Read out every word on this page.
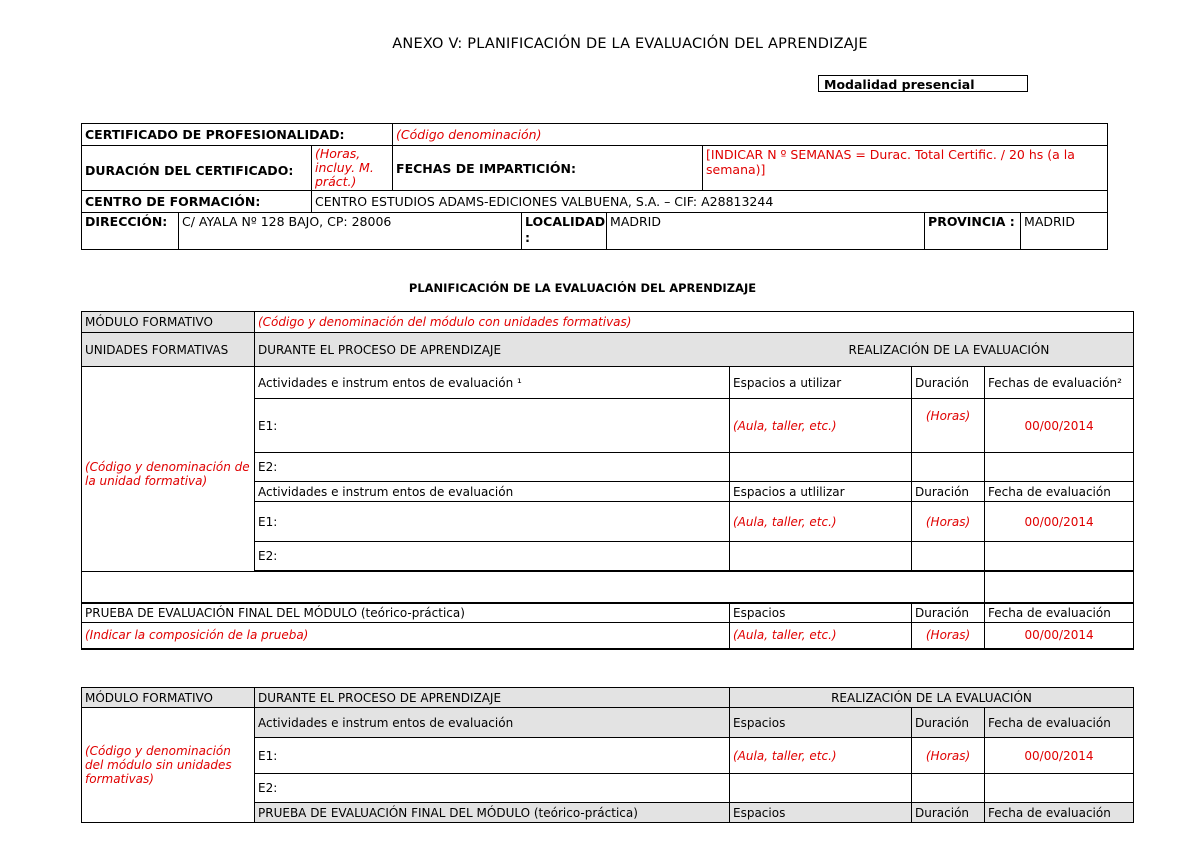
ANEXO V: PLANIFICACIÓN DE LA EVALUACIÓN DEL APRENDIZAJE
Modalidad presencial
CERTIFICADO DE PROFESIONALIDAD:			(Código denominación)					
DURACIÓN DEL CERTIFICADO:		(Horas, incluy. M. práct.)	FECHAS DE IMPARTICIÓN:			[INDICAR N º SEMANAS = Durac. Total Certific. / 20 hs (a la semana)]		
CENTRO DE FORMACIÓN:		CENTRO ESTUDIOS ADAMS-EDICIONES VALBUENA, S.A. – CIF: A28813244						
DIRECCIÓN:	C/ AYALA Nº 128 BAJO, CP: 28006			LOCALIDAD :	MADRID		PROVINCIA :	MADRID
PLANIFICACIÓN DE LA EVALUACIÓN DEL APRENDIZAJE
MÓDULO FORMATIVO	(Código y denominación del módulo con unidades formativas)			
UNIDADES FORMATIVAS	DURANTE EL PROCESO DE APRENDIZAJE	REALIZACIÓN DE LA EVALUACIÓN		
(Código y denominación de la unidad formativa)	Actividades e instrum entos de evaluación ¹	Espacios a utilizar	Duración	Fechas de evaluación²
	E1:	(Aula, taller, etc.)	(Horas)	00/00/2014
	E2:			
	Actividades e instrum entos de evaluación	Espacios a utlilizar	Duración	Fecha de evaluación
	E1:	(Aula, taller, etc.)	(Horas)	00/00/2014
	E2:			

PRUEBA DE EVALUACIÓN FINAL DEL MÓDULO (teórico-práctica)		Espacios	Duración	Fecha de evaluación
(Indicar la composición de la prueba)		(Aula, taller, etc.)	(Horas)	00/00/2014
MÓDULO FORMATIVO	DURANTE EL PROCESO DE APRENDIZAJE	REALIZACIÓN DE LA EVALUACIÓN		
(Código y denominación del módulo sin unidades formativas)	Actividades e instrum entos de evaluación	Espacios	Duración	Fecha de evaluación
	E1:	(Aula, taller, etc.)	(Horas)	00/00/2014
	E2:			
	PRUEBA DE EVALUACIÓN FINAL DEL MÓDULO (teórico-práctica)	Espacios	Duración	Fecha de evaluación
